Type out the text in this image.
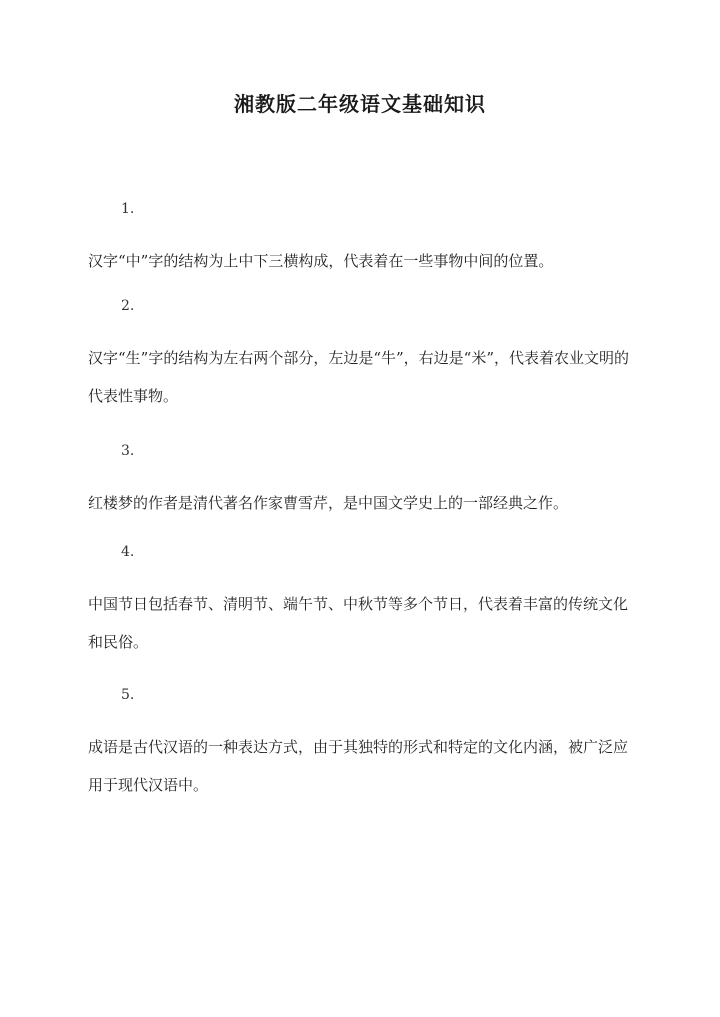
湘教版二年级语文基础知识
1.
汉字“中”字的结构为上中下三横构成，代表着在一些事物中间的位置。
2.
汉字“生”字的结构为左右两个部分，左边是“牛”，右边是“米”，代表着农业文明的代表性事物。
3.
红楼梦的作者是清代著名作家曹雪芹，是中国文学史上的一部经典之作。
4.
中国节日包括春节、清明节、端午节、中秋节等多个节日，代表着丰富的传统文化和民俗。
5.
成语是古代汉语的一种表达方式，由于其独特的形式和特定的文化内涵，被广泛应用于现代汉语中。
